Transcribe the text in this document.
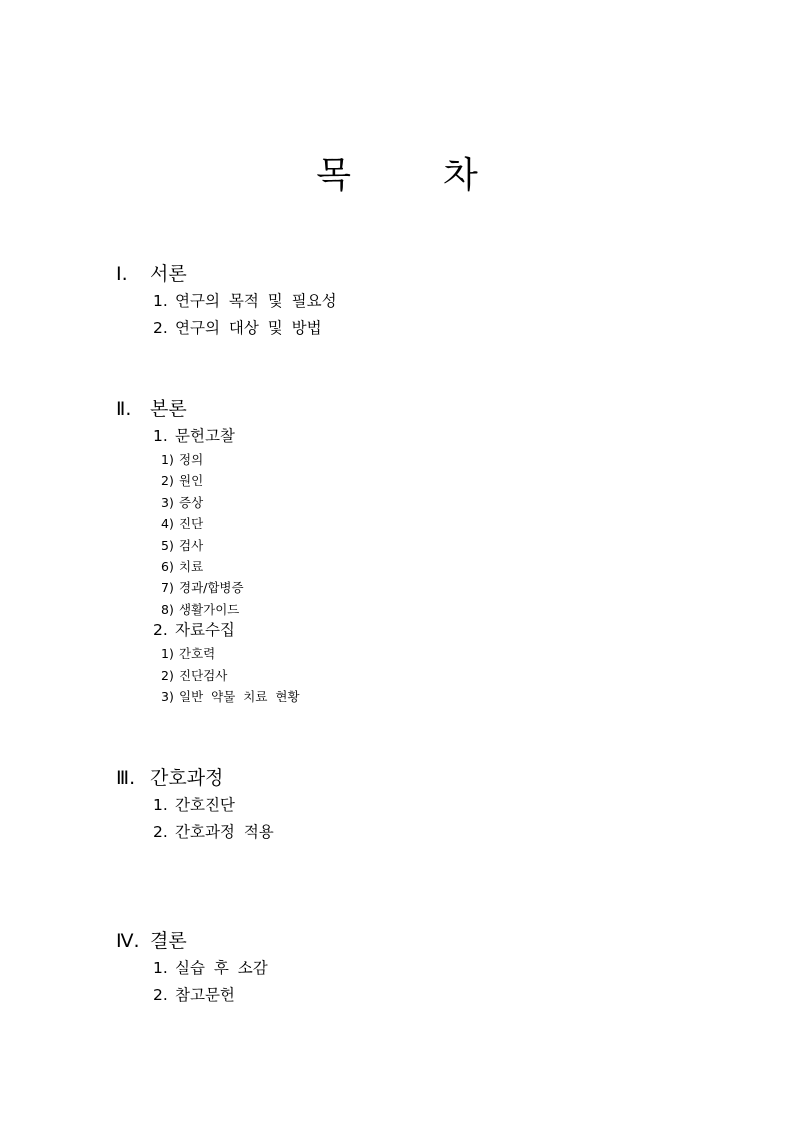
목	차
Ⅰ. 서론
1. 연구의 목적 및 필요성
2. 연구의 대상 및 방법
Ⅱ. 본론
1. 문헌고찰
1) 정의
2) 원인
3) 증상
4) 진단
5) 검사
6) 치료
7) 경과/합병증
8) 생활가이드
2. 자료수집
1) 간호력
2) 진단검사
3) 일반 약물 치료 현황
Ⅲ. 간호과정
1. 간호진단
2. 간호과정 적용
Ⅳ. 결론
1. 실습 후 소감
2. 참고문헌
